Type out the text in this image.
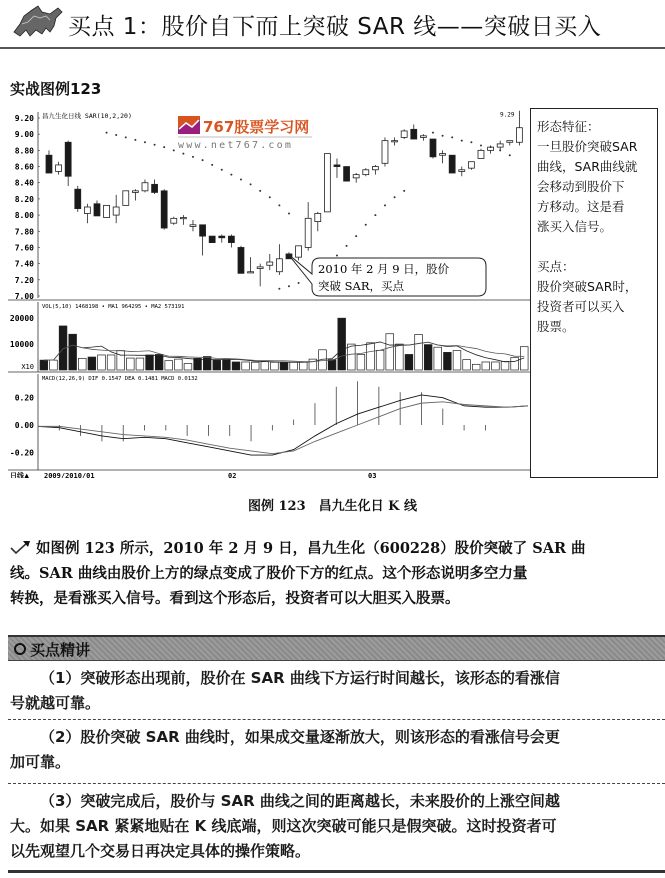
买点 1：股价自下而上突破 SAR 线——突破日买入
实战图例123
9.20
9.00
8.80
8.60
8.40
8.20
8.00
7.80
7.60
7.40
7.20
7.00
昌九生化日线 SAR(10,2,20)	9.29
767股票学习网
www.net767.com
2010 年 2 月 9 日，股价
突破 SAR，买点
VOL(5,10) 1468198 ∙ MA1 964295 ∙ MA2 573191
20000
10000
X10
MACD(12,26,9) DIF 0.1547 DEA 0.1481 MACD 0.0132
0.20
0.00
-0.20
日线▲ 2009/2010/01	02	03
形态特征：
一旦股价突破SAR
曲线，SAR曲线就
会移动到股价下
方移动。这是看
涨买入信号。
买点：
股价突破SAR时，
投资者可以买入
股票。
图例 123　昌九生化日 K 线
如图例 123 所示，2010 年 2 月 9 日，昌九生化（600228）股价突破了 SAR 曲
线。SAR 曲线由股价上方的绿点变成了股价下方的红点。这个形态说明多空力量
转换，是看涨买入信号。看到这个形态后，投资者可以大胆买入股票。
买点精讲
（1）突破形态出现前，股价在 SAR 曲线下方运行时间越长，该形态的看涨信
号就越可靠。
（2）股价突破 SAR 曲线时，如果成交量逐渐放大，则该形态的看涨信号会更
加可靠。
（3）突破完成后，股价与 SAR 曲线之间的距离越长，未来股价的上涨空间越
大。如果 SAR 紧紧地贴在 K 线底端，则这次突破可能只是假突破。这时投资者可
以先观望几个交易日再决定具体的操作策略。
